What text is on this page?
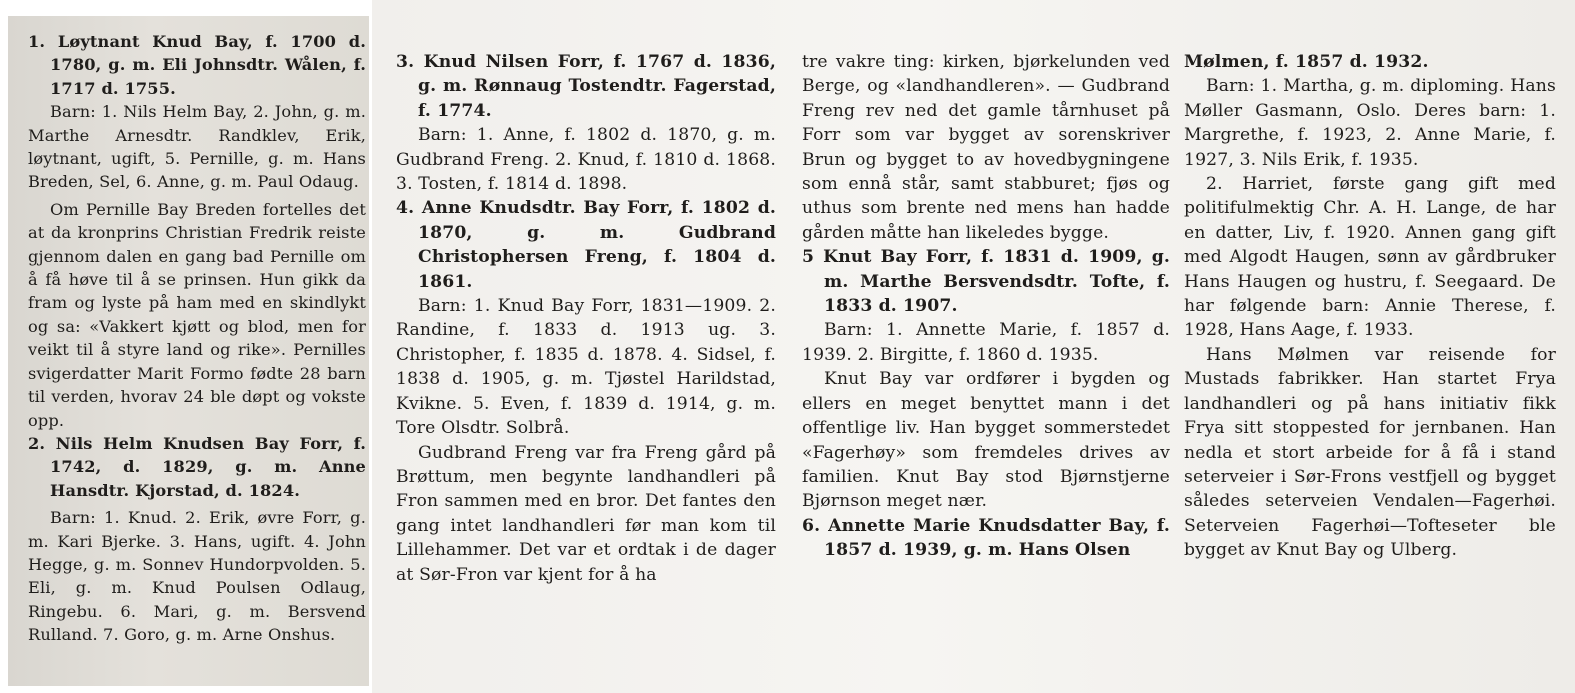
1. Løytnant Knud Bay, f. 1700 d. 1780, g. m. Eli Johnsdtr. Wålen, f. 1717 d. 1755.

Barn: 1. Nils Helm Bay, 2. John, g. m. Marthe Arnesdtr. Randklev, Erik, løytnant, ugift, 5. Pernille, g. m. Hans Breden, Sel, 6. Anne, g. m. Paul Odaug.

Om Pernille Bay Breden fortelles det at da kronprins Christian Fredrik reiste gjennom dalen en gang bad Pernille om å få høve til å se prinsen. Hun gikk da fram og lyste på ham med en skindlykt og sa: «Vakkert kjøtt og blod, men for veikt til å styre land og rike». Pernilles svigerdatter Marit Formo fødte 28 barn til verden, hvorav 24 ble døpt og vokste opp.

2. Nils Helm Knudsen Bay Forr, f. 1742, d. 1829, g. m. Anne Hansdtr. Kjorstad, d. 1824.

Barn: 1. Knud. 2. Erik, øvre Forr, g. m. Kari Bjerke. 3. Hans, ugift. 4. John Hegge, g. m. Sonnev Hundorpvolden. 5. Eli, g. m. Knud Poulsen Odlaug, Ringebu. 6. Mari, g. m. Bersvend Rulland. 7. Goro, g. m. Arne Onshus.

3. Knud Nilsen Forr, f. 1767 d. 1836, g. m. Rønnaug Tostendtr. Fagerstad, f. 1774.

Barn: 1. Anne, f. 1802 d. 1870, g. m. Gudbrand Freng. 2. Knud, f. 1810 d. 1868. 3. Tosten, f. 1814 d. 1898.

4. Anne Knudsdtr. Bay Forr, f. 1802 d. 1870, g. m. Gudbrand Christophersen Freng, f. 1804 d. 1861.

Barn: 1. Knud Bay Forr, 1831—1909. 2. Randine, f. 1833 d. 1913 ug. 3. Christopher, f. 1835 d. 1878. 4. Sidsel, f. 1838 d. 1905, g. m. Tjøstel Harildstad, Kvikne. 5. Even, f. 1839 d. 1914, g. m. Tore Olsdtr. Solbrå.

Gudbrand Freng var fra Freng gård på Brøttum, men begynte landhandleri på Fron sammen med en bror. Det fantes den gang intet landhandleri før man kom til Lillehammer. Det var et ordtak i de dager at Sør-Fron var kjent for å ha

tre vakre ting: kirken, bjørkelunden ved Berge, og «landhandleren». — Gudbrand Freng rev ned det gamle tårnhuset på Forr som var bygget av sorenskriver Brun og bygget to av hovedbygningene som ennå står, samt stabburet; fjøs og uthus som brente ned mens han hadde gården måtte han likeledes bygge.

5 Knut Bay Forr, f. 1831 d. 1909, g. m. Marthe Bersvendsdtr. Tofte, f. 1833 d. 1907.

Barn: 1. Annette Marie, f. 1857 d. 1939. 2. Birgitte, f. 1860 d. 1935.

Knut Bay var ordfører i bygden og ellers en meget benyttet mann i det offentlige liv. Han bygget sommerstedet «Fagerhøy» som fremdeles drives av familien. Knut Bay stod Bjørnstjerne Bjørnson meget nær.

6. Annette Marie Knudsdatter Bay, f. 1857 d. 1939, g. m. Hans Olsen

Mølmen, f. 1857 d. 1932.

Barn: 1. Martha, g. m. diploming. Hans Møller Gasmann, Oslo. Deres barn: 1. Margrethe, f. 1923, 2. Anne Marie, f. 1927, 3. Nils Erik, f. 1935.

2. Harriet, første gang gift med politifulmektig Chr. A. H. Lange, de har en datter, Liv, f. 1920. Annen gang gift med Algodt Haugen, sønn av gårdbruker Hans Haugen og hustru, f. Seegaard. De har følgende barn: Annie Therese, f. 1928, Hans Aage, f. 1933.

Hans Mølmen var reisende for Mustads fabrikker. Han startet Frya landhandleri og på hans initiativ fikk Frya sitt stoppested for jernbanen. Han nedla et stort arbeide for å få i stand seterveier i Sør-Frons vestfjell og bygget således seterveien Vendalen—Fagerhøi. Seterveien Fagerhøi—Tofteseter ble bygget av Knut Bay og Ulberg.
